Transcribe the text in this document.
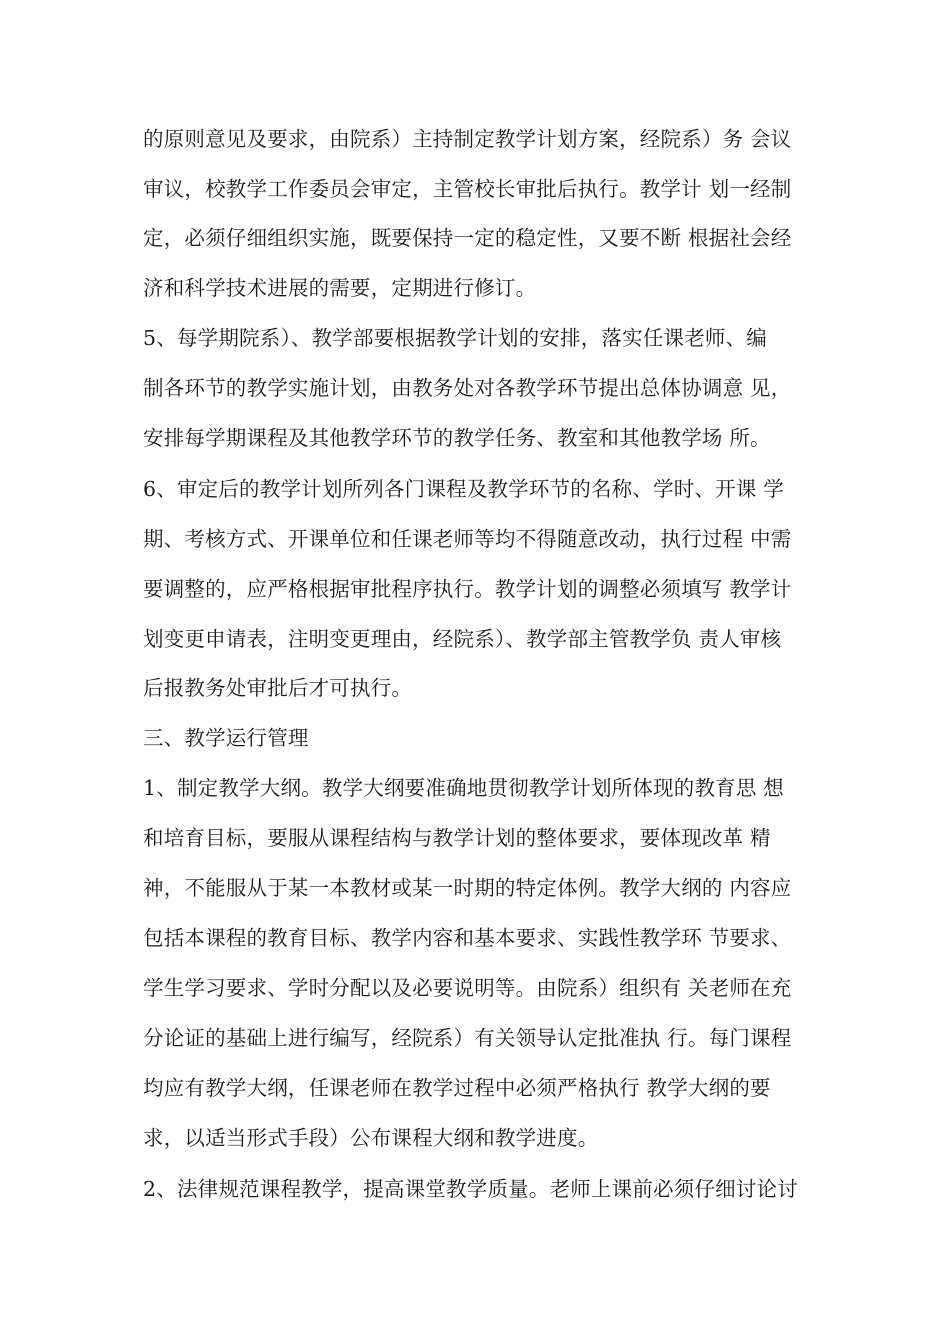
的原则意见及要求，由院系）主持制定教学计划方案，经院系）务 会议
审议，校教学工作委员会审定，主管校长审批后执行。教学计 划一经制
定，必须仔细组织实施，既要保持一定的稳定性，又要不断 根据社会经
济和科学技术进展的需要，定期进行修订。
5、每学期院系）、教学部要根据教学计划的安排，落实任课老师、编
制各环节的教学实施计划，由教务处对各教学环节提出总体协调意 见，
安排每学期课程及其他教学环节的教学任务、教室和其他教学场 所。
6、审定后的教学计划所列各门课程及教学环节的名称、学时、开课 学
期、考核方式、开课单位和任课老师等均不得随意改动，执行过程 中需
要调整的，应严格根据审批程序执行。教学计划的调整必须填写 教学计
划变更申请表，注明变更理由，经院系）、教学部主管教学负 责人审核
后报教务处审批后才可执行。
三、教学运行管理
1、制定教学大纲。教学大纲要准确地贯彻教学计划所体现的教育思 想
和培育目标，要服从课程结构与教学计划的整体要求，要体现改革 精
神，不能服从于某一本教材或某一时期的特定体例。教学大纲的 内容应
包括本课程的教育目标、教学内容和基本要求、实践性教学环 节要求、
学生学习要求、学时分配以及必要说明等。由院系）组织有 关老师在充
分论证的基础上进行编写，经院系）有关领导认定批准执 行。每门课程
均应有教学大纲，任课老师在教学过程中必须严格执行 教学大纲的要
求，以适当形式手段）公布课程大纲和教学进度。
2、法律规范课程教学，提高课堂教学质量。老师上课前必须仔细讨论讨
